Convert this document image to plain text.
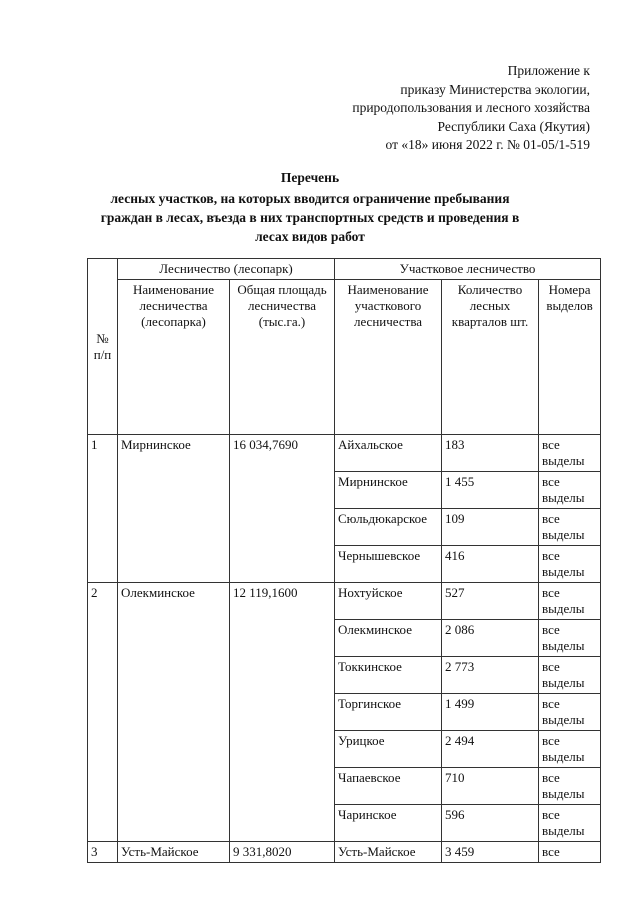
Приложение к
приказу Министерства экологии,
природопользования и лесного хозяйства
Республики Саха (Якутия)
от «18» июня 2022 г. № 01-05/1-519
Перечень
лесных участков, на которых вводится ограничение пребывания
граждан в лесах, въезда в них транспортных средств и проведения в
лесах видов работ
№ п/п	Лесничество (лесопарк)		Участковое лесничество		
	Наименование лесничества (лесопарка)	Общая площадь лесничества (тыс.га.)	Наименование участкового лесничества	Количество лесных кварталов шт.	Номера выделов
1	Мирнинское	16 034,7690	Айхальское	183	все выделы
			Мирнинское	1 455	все выделы
			Сюльдюкарское	109	все выделы
			Чернышевское	416	все выделы
2	Олекминское	12 119,1600	Нохтуйское	527	все выделы
			Олекминское	2 086	все выделы
			Токкинское	2 773	все выделы
			Торгинское	1 499	все выделы
			Урицкое	2 494	все выделы
			Чапаевское	710	все выделы
			Чаринское	596	все выделы
3	Усть-Майское	9 331,8020	Усть-Майское	3 459	все
